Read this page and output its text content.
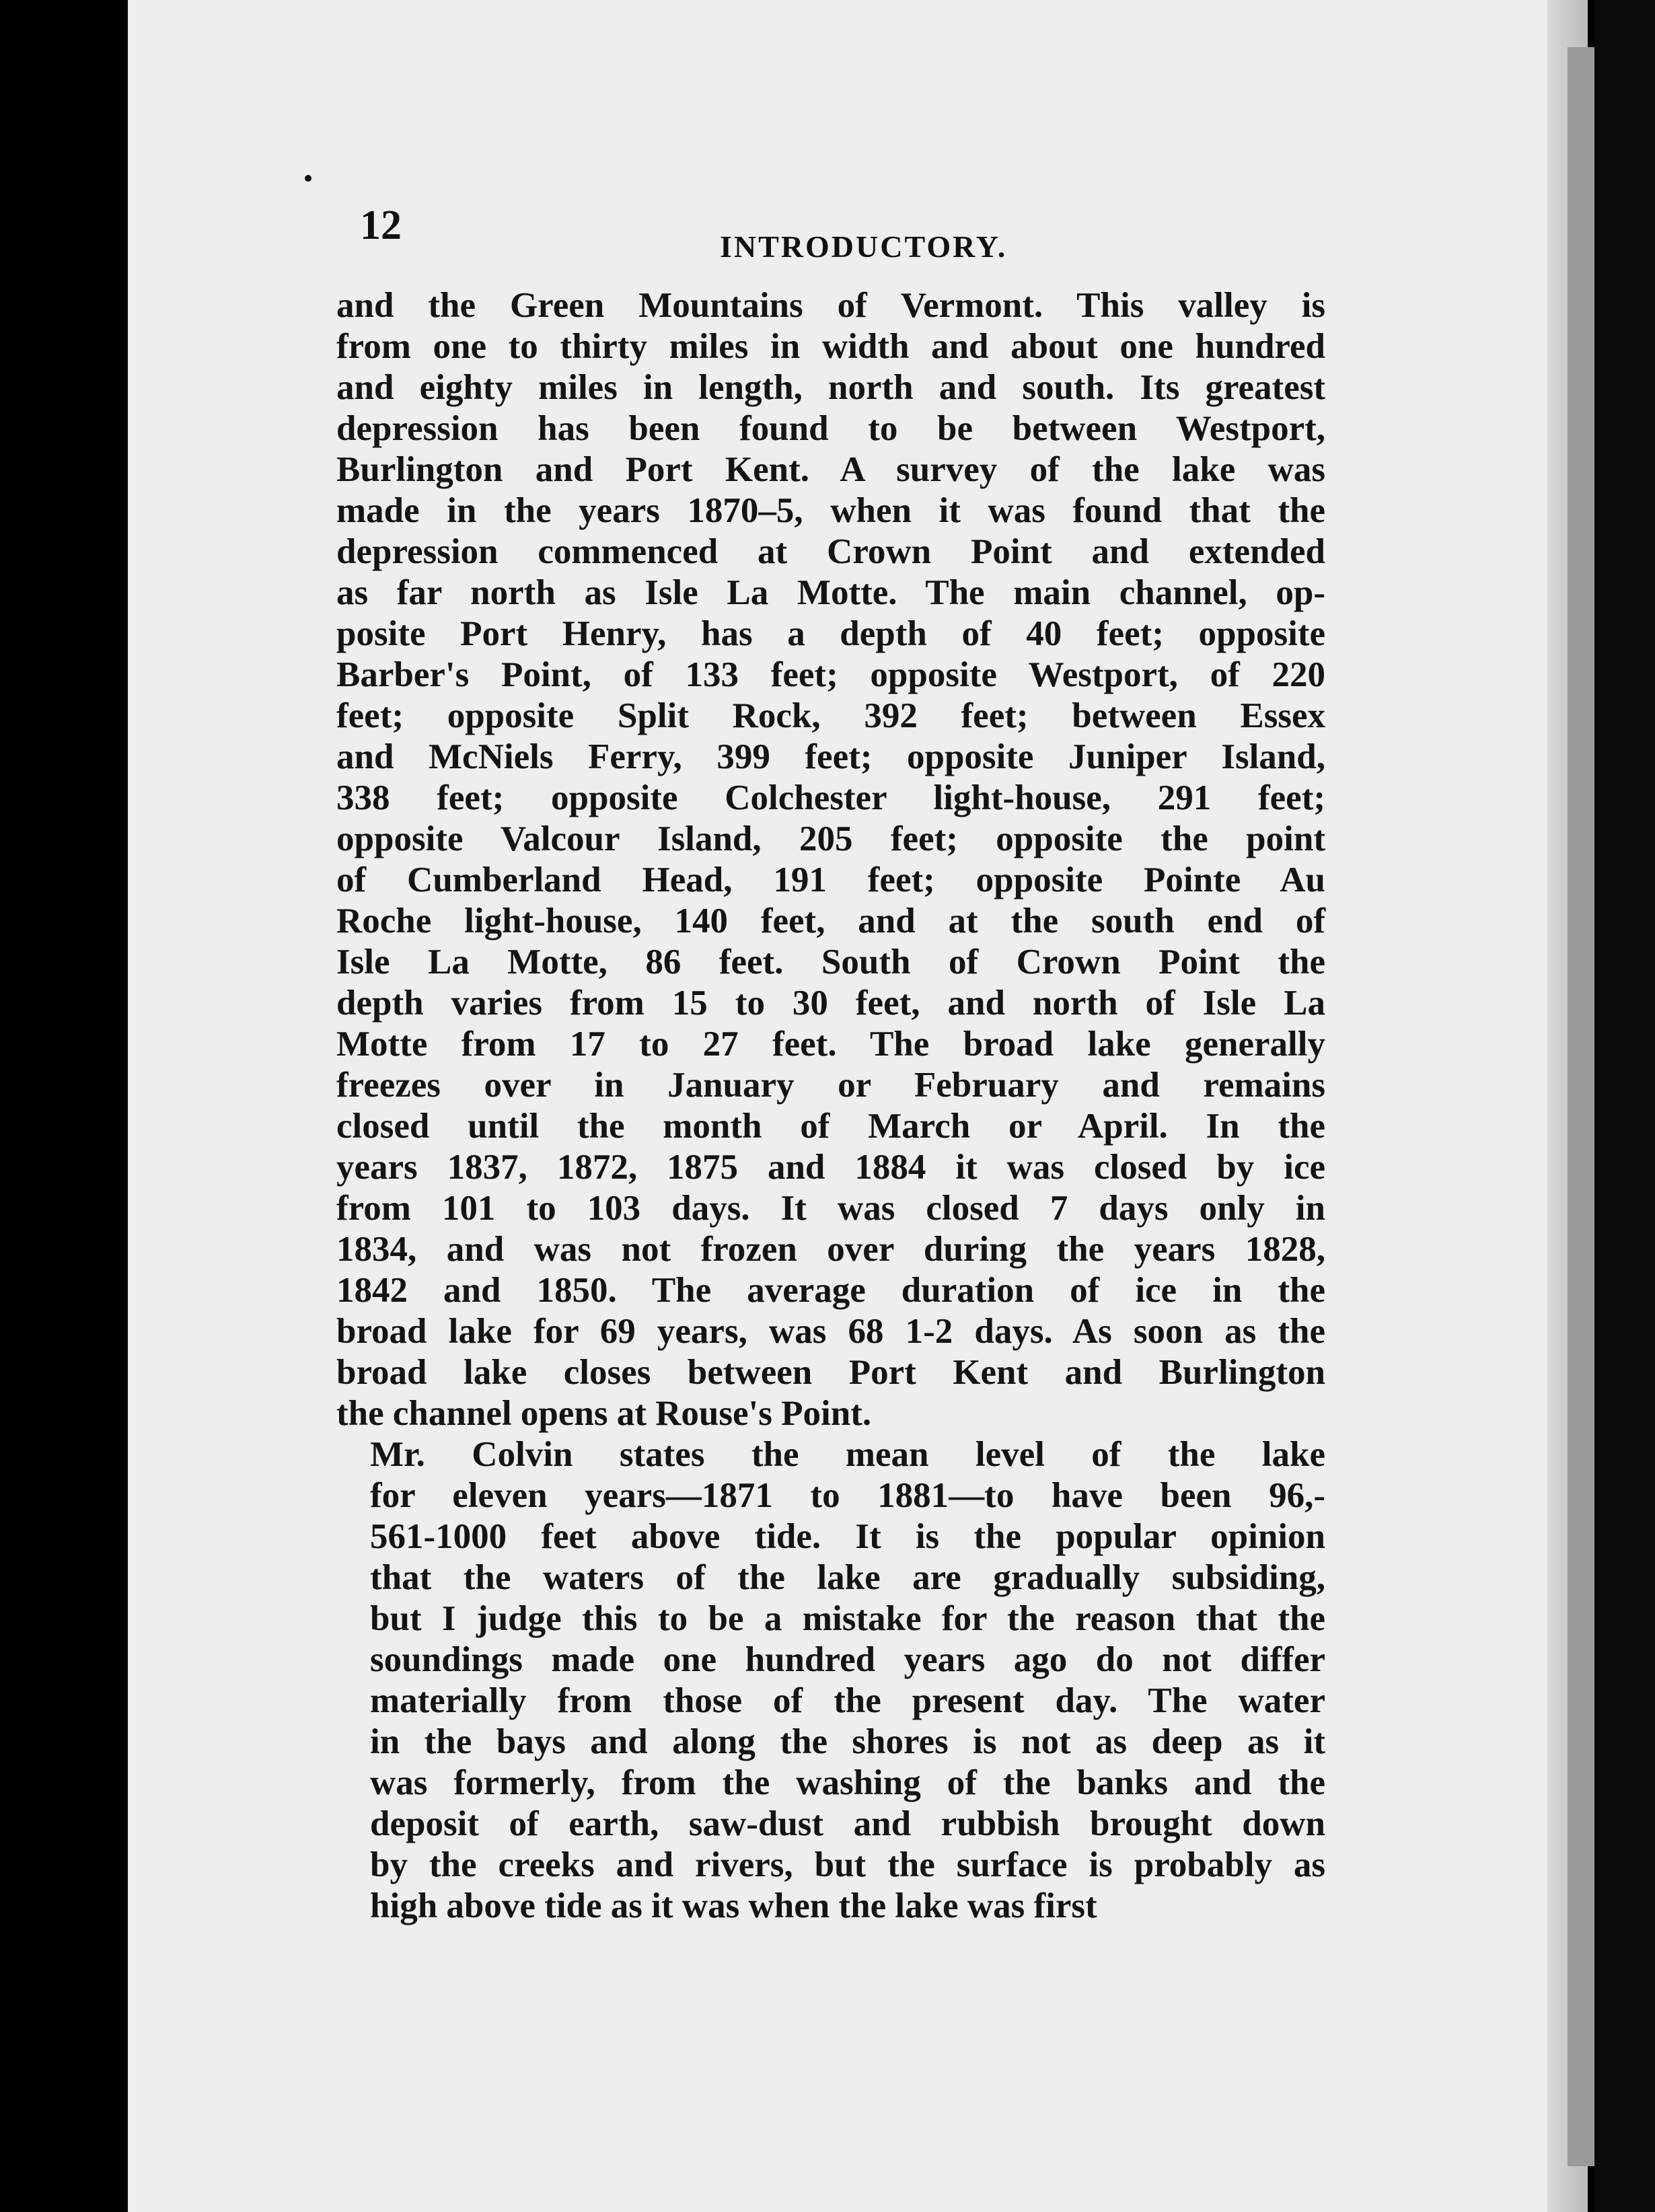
12	INTRODUCTORY.

and the Green Mountains of Vermont. This valley is
from one to thirty miles in width and about one hundred
and eighty miles in length, north and south. Its greatest
depression has been found to be between Westport,
Burlington and Port Kent. A survey of the lake was
made in the years 1870–5, when it was found that the
depression commenced at Crown Point and extended
as far north as Isle La Motte. The main channel, op-
posite Port Henry, has a depth of 40 feet; opposite
Barber's Point, of 133 feet; opposite Westport, of 220
feet; opposite Split Rock, 392 feet; between Essex
and McNiels Ferry, 399 feet; opposite Juniper Island,
338 feet; opposite Colchester light-house, 291 feet;
opposite Valcour Island, 205 feet; opposite the point
of Cumberland Head, 191 feet; opposite Pointe Au
Roche light-house, 140 feet, and at the south end of
Isle La Motte, 86 feet. South of Crown Point the
depth varies from 15 to 30 feet, and north of Isle La
Motte from 17 to 27 feet. The broad lake generally
freezes over in January or February and remains
closed until the month of March or April. In the
years 1837, 1872, 1875 and 1884 it was closed by ice
from 101 to 103 days. It was closed 7 days only in
1834, and was not frozen over during the years 1828,
1842 and 1850. The average duration of ice in the
broad lake for 69 years, was 68 1-2 days. As soon as the
broad lake closes between Port Kent and Burlington
the channel opens at Rouse's Point.

Mr. Colvin states the mean level of the lake
for eleven years—1871 to 1881—to have been 96,-
561-1000 feet above tide. It is the popular opinion
that the waters of the lake are gradually subsiding,
but I judge this to be a mistake for the reason that the
soundings made one hundred years ago do not differ
materially from those of the present day. The water
in the bays and along the shores is not as deep as it
was formerly, from the washing of the banks and the
deposit of earth, saw-dust and rubbish brought down
by the creeks and rivers, but the surface is probably as
high above tide as it was when the lake was first
